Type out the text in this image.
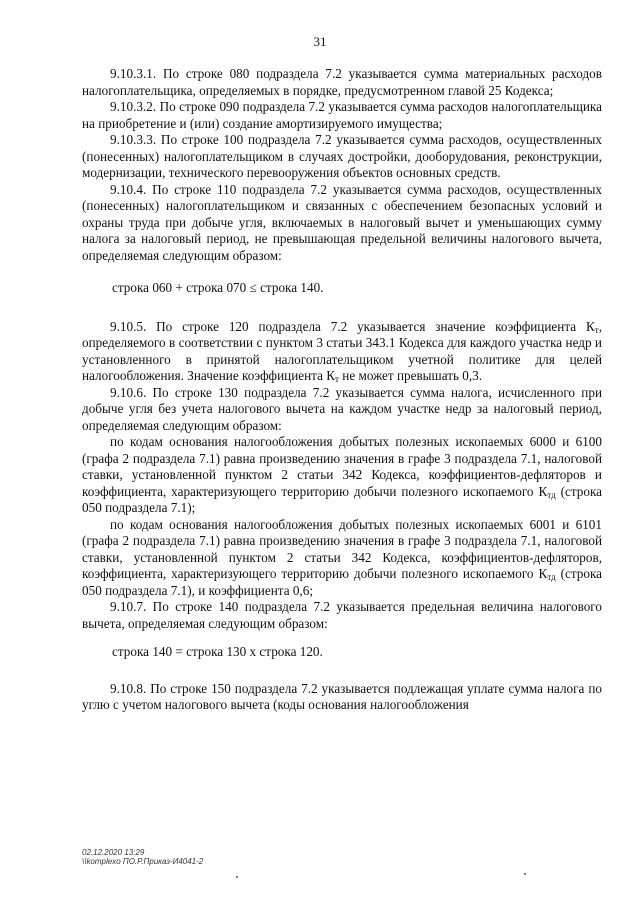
31

9.10.3.1. По строке 080 подраздела 7.2 указывается сумма материальных расходов налогоплательщика, определяемых в порядке, предусмотренном главой 25 Кодекса;

9.10.3.2. По строке 090 подраздела 7.2 указывается сумма расходов налогоплательщика на приобретение и (или) создание амортизируемого имущества;

9.10.3.3. По строке 100 подраздела 7.2 указывается сумма расходов, осуществленных (понесенных) налогоплательщиком в случаях достройки, дооборудования, реконструкции, модернизации, технического перевооружения объектов основных средств.

9.10.4. По строке 110 подраздела 7.2 указывается сумма расходов, осуществленных (понесенных) налогоплательщиком и связанных с обеспечением безопасных условий и охраны труда при добыче угля, включаемых в налоговый вычет и уменьшающих сумму налога за налоговый период, не превышающая предельной величины налогового вычета, определяемая следующим образом:

строка 060 + строка 070 ≤ строка 140.

9.10.5. По строке 120 подраздела 7.2 указывается значение коэффициента $К_т$, определяемого в соответствии с пунктом 3 статьи 343.1 Кодекса для каждого участка недр и установленного в принятой налогоплательщиком учетной политике для целей налогообложения. Значение коэффициента $К_т$ не может превышать 0,3.

9.10.6. По строке 130 подраздела 7.2 указывается сумма налога, исчисленного при добыче угля без учета налогового вычета на каждом участке недр за налоговый период, определяемая следующим образом:

по кодам основания налогообложения добытых полезных ископаемых 6000 и 6100 (графа 2 подраздела 7.1) равна произведению значения в графе 3 подраздела 7.1, налоговой ставки, установленной пунктом 2 статьи 342 Кодекса, коэффициентов-дефляторов и коэффициента, характеризующего территорию добычи полезного ископаемого $К_{тд}$ (строка 050 подраздела 7.1);

по кодам основания налогообложения добытых полезных ископаемых 6001 и 6101 (графа 2 подраздела 7.1) равна произведению значения в графе 3 подраздела 7.1, налоговой ставки, установленной пунктом 2 статьи 342 Кодекса, коэффициентов-дефляторов, коэффициента, характеризующего территорию добычи полезного ископаемого $К_{тд}$ (строка 050 подраздела 7.1), и коэффициента 0,6;

9.10.7. По строке 140 подраздела 7.2 указывается предельная величина налогового вычета, определяемая следующим образом:

строка 140 = строка 130 х строка 120.

9.10.8. По строке 150 подраздела 7.2 указывается подлежащая уплате сумма налога по углю с учетом налогового вычета (коды основания налогообложения

02.12.2020 13:29
\\komplexo ПО.Р.Приказ-И4041-2
